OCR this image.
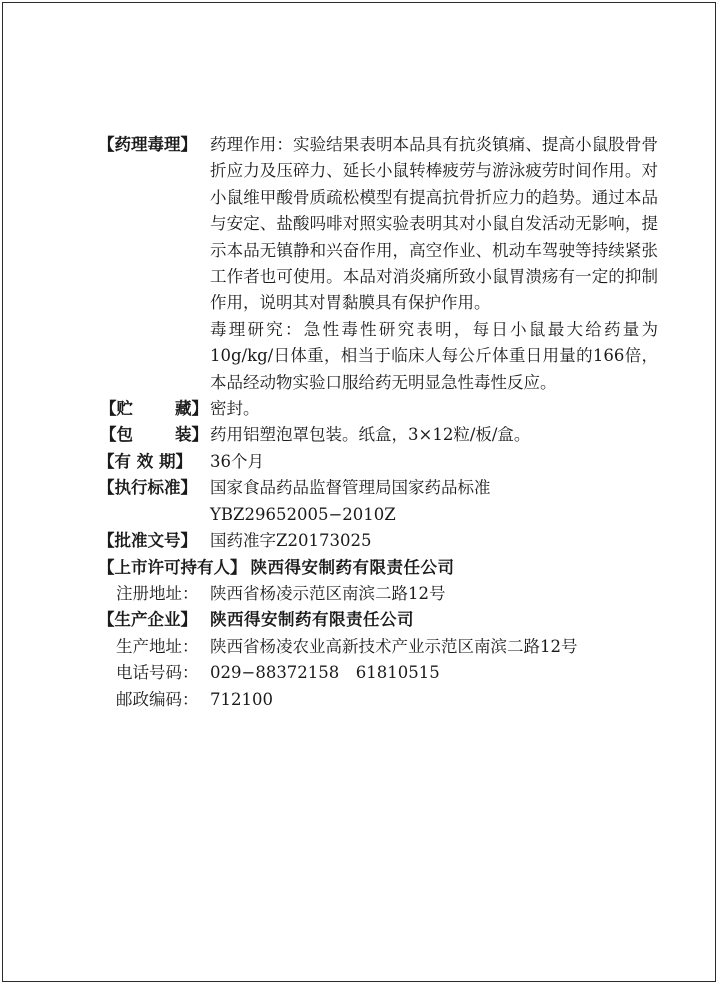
【药理毒理】 药理作用：实验结果表明本品具有抗炎镇痛、提高小鼠股骨骨折应力及压碎力、延长小鼠转棒疲劳与游泳疲劳时间作用。对小鼠维甲酸骨质疏松模型有提高抗骨折应力的趋势。通过本品与安定、盐酸吗啡对照实验表明其对小鼠自发活动无影响，提示本品无镇静和兴奋作用，高空作业、机动车驾驶等持续紧张工作者也可使用。本品对消炎痛所致小鼠胃溃疡有一定的抑制作用，说明其对胃黏膜具有保护作用。

毒理研究：急性毒性研究表明，每日小鼠最大给药量为10g/kg/日体重，相当于临床人每公斤体重日用量的166倍，本品经动物实验口服给药无明显急性毒性反应。

【贮	藏】 密封。
【包	装】 药用铝塑泡罩包装。纸盒，3×12粒/板/盒。
【有 效 期】 36个月
【执行标准】 国家食品药品监督管理局国家药品标准

YBZ29652005−2010Z

【批准文号】 国药准字Z20173025
【上市许可持有人】 陕西得安制药有限责任公司
注册地址： 陕西省杨凌示范区南滨二路12号
【生产企业】 陕西得安制药有限责任公司
生产地址： 陕西省杨凌农业高新技术产业示范区南滨二路12号
电话号码： 029−88372158　61810515
邮政编码： 712100
